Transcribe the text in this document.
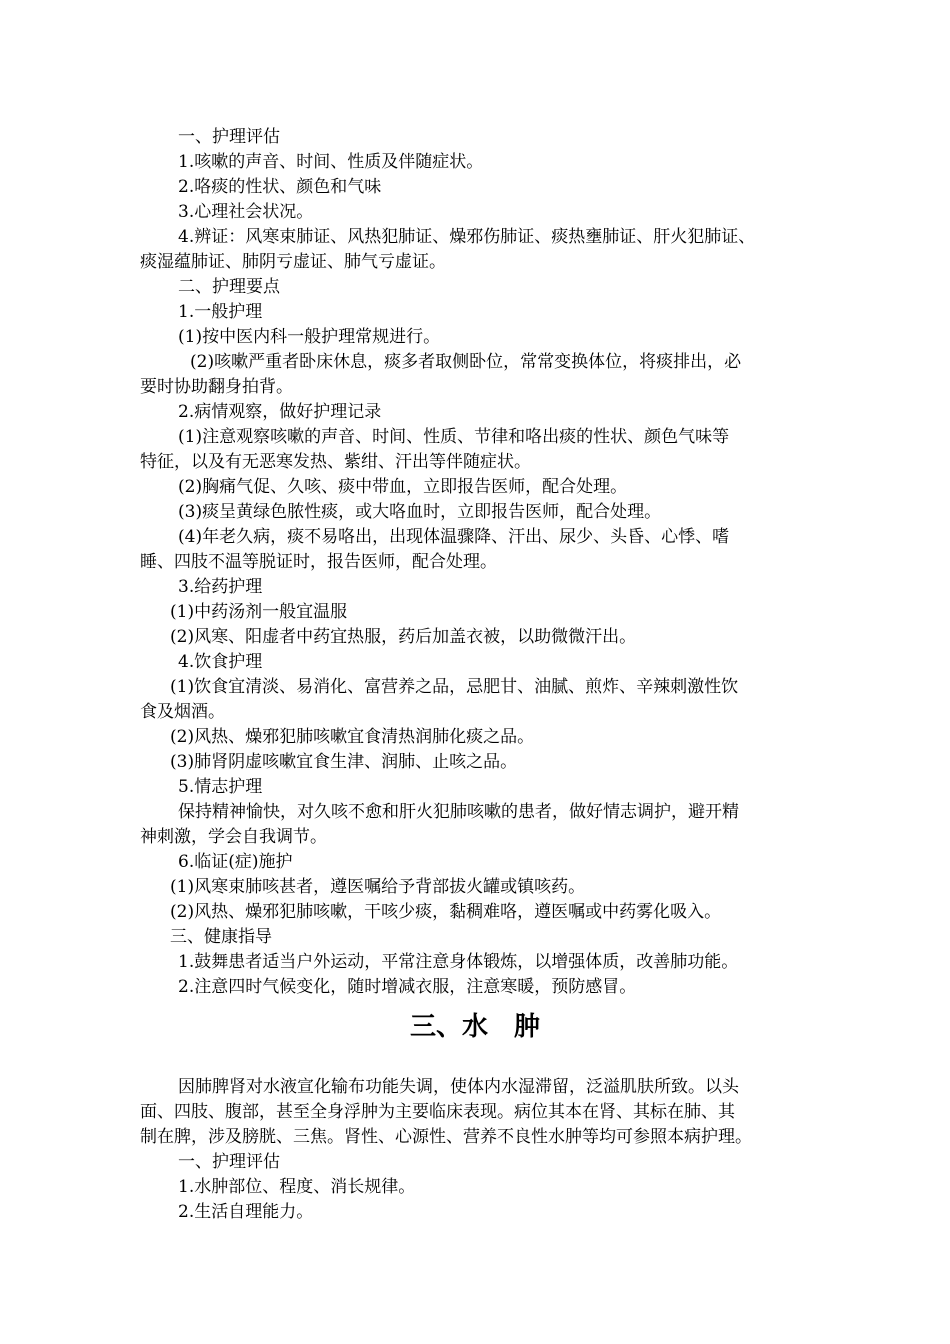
一、护理评估
1.咳嗽的声音、时间、性质及伴随症状。
2.咯痰的性状、颜色和气味
3.心理社会状况。
4.辨证：风寒束肺证、风热犯肺证、燥邪伤肺证、痰热壅肺证、肝火犯肺证、
痰湿蕴肺证、肺阴亏虚证、肺气亏虚证。
二、护理要点
1.一般护理
(1)按中医内科一般护理常规进行。
(2)咳嗽严重者卧床休息，痰多者取侧卧位，常常变换体位，将痰排出，必
要时协助翻身拍背。
2.病情观察，做好护理记录
(1)注意观察咳嗽的声音、时间、性质、节律和咯出痰的性状、颜色气味等
特征，以及有无恶寒发热、紫绀、汗出等伴随症状。
(2)胸痛气促、久咳、痰中带血，立即报告医师，配合处理。
(3)痰呈黄绿色脓性痰，或大咯血时，立即报告医师，配合处理。
(4)年老久病，痰不易咯出，出现体温骤降、汗出、尿少、头昏、心悸、嗜
睡、四肢不温等脱证时，报告医师，配合处理。
3.给药护理
(1)中药汤剂一般宜温服
(2)风寒、阳虚者中药宜热服，药后加盖衣被，以助微微汗出。
4.饮食护理
(1)饮食宜清淡、易消化、富营养之品，忌肥甘、油腻、煎炸、辛辣刺激性饮
食及烟酒。
(2)风热、燥邪犯肺咳嗽宜食清热润肺化痰之品。
(3)肺肾阴虚咳嗽宜食生津、润肺、止咳之品。
5.情志护理
保持精神愉快，对久咳不愈和肝火犯肺咳嗽的患者，做好情志调护，避开精
神刺激，学会自我调节。
6.临证(症)施护
(1)风寒束肺咳甚者，遵医嘱给予背部拔火罐或镇咳药。
(2)风热、燥邪犯肺咳嗽，干咳少痰，黏稠难咯，遵医嘱或中药雾化吸入。
三、健康指导
1.鼓舞患者适当户外运动，平常注意身体锻炼，以增强体质，改善肺功能。
2.注意四时气候变化，随时增减衣服，注意寒暖，预防感冒。
三、水　肿
因肺脾肾对水液宣化输布功能失调，使体内水湿滞留，泛溢肌肤所致。以头
面、四肢、腹部，甚至全身浮肿为主要临床表现。病位其本在肾、其标在肺、其
制在脾，涉及膀胱、三焦。肾性、心源性、营养不良性水肿等均可参照本病护理。
一、护理评估
1.水肿部位、程度、消长规律。
2.生活自理能力。
